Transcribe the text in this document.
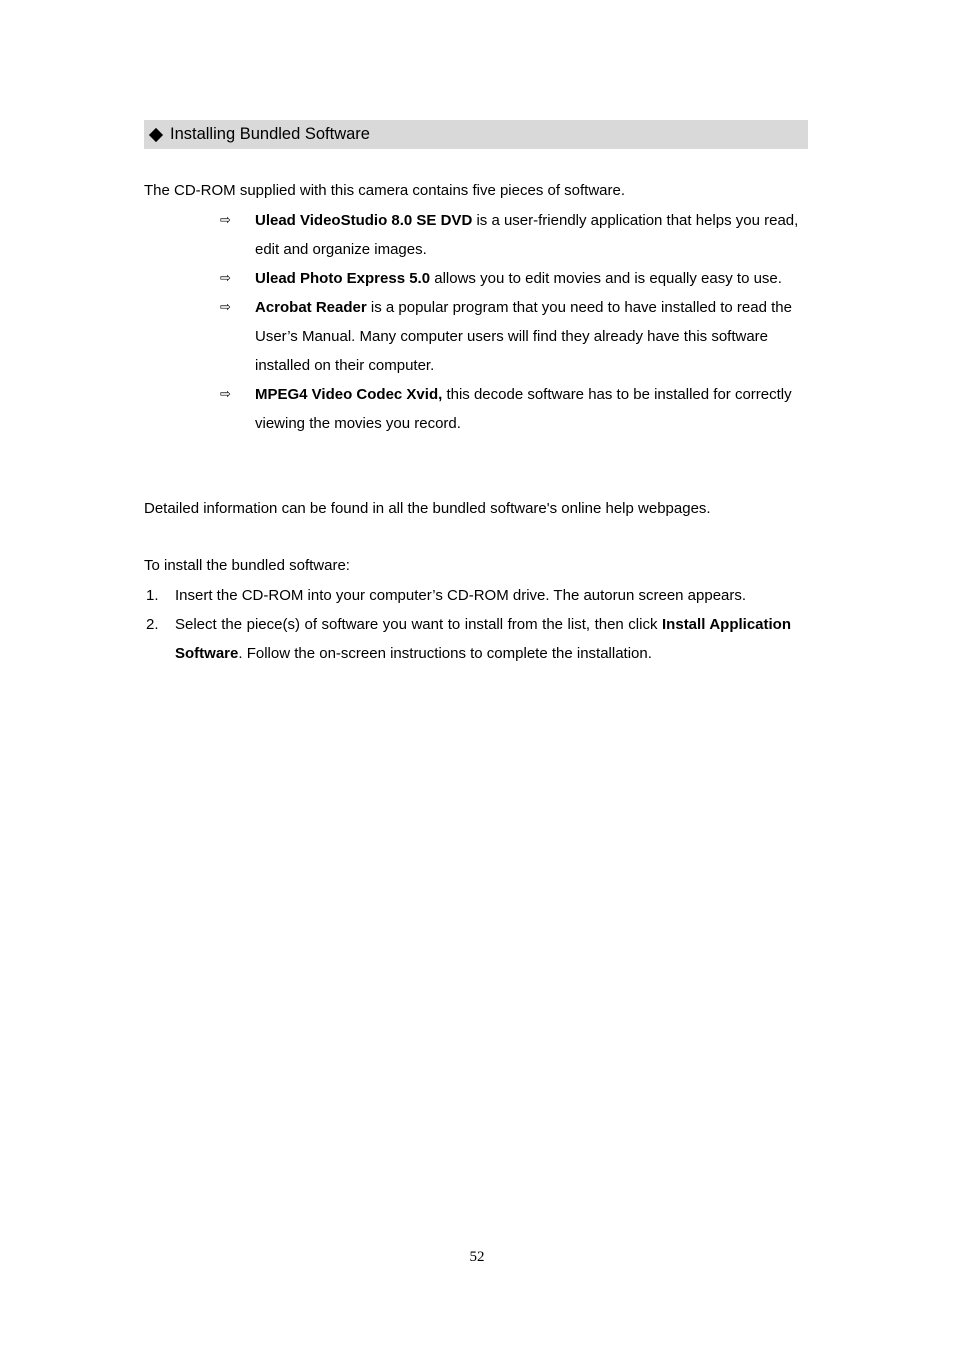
Installing Bundled Software

The CD-ROM supplied with this camera contains five pieces of software.

⇨ Ulead VideoStudio 8.0 SE DVD is a user-friendly application that helps you read, edit and organize images.
⇨ Ulead Photo Express 5.0 allows you to edit movies and is equally easy to use.
⇨ Acrobat Reader is a popular program that you need to have installed to read the User’s Manual. Many computer users will find they already have this software installed on their computer.
⇨ MPEG4 Video Codec Xvid, this decode software has to be installed for correctly viewing the movies you record.

Detailed information can be found in all the bundled software's online help webpages.

To install the bundled software:

1. Insert the CD-ROM into your computer’s CD-ROM drive. The autorun screen appears.
2. Select the piece(s) of software you want to install from the list, then click Install Application Software. Follow the on-screen instructions to complete the installation.
52
